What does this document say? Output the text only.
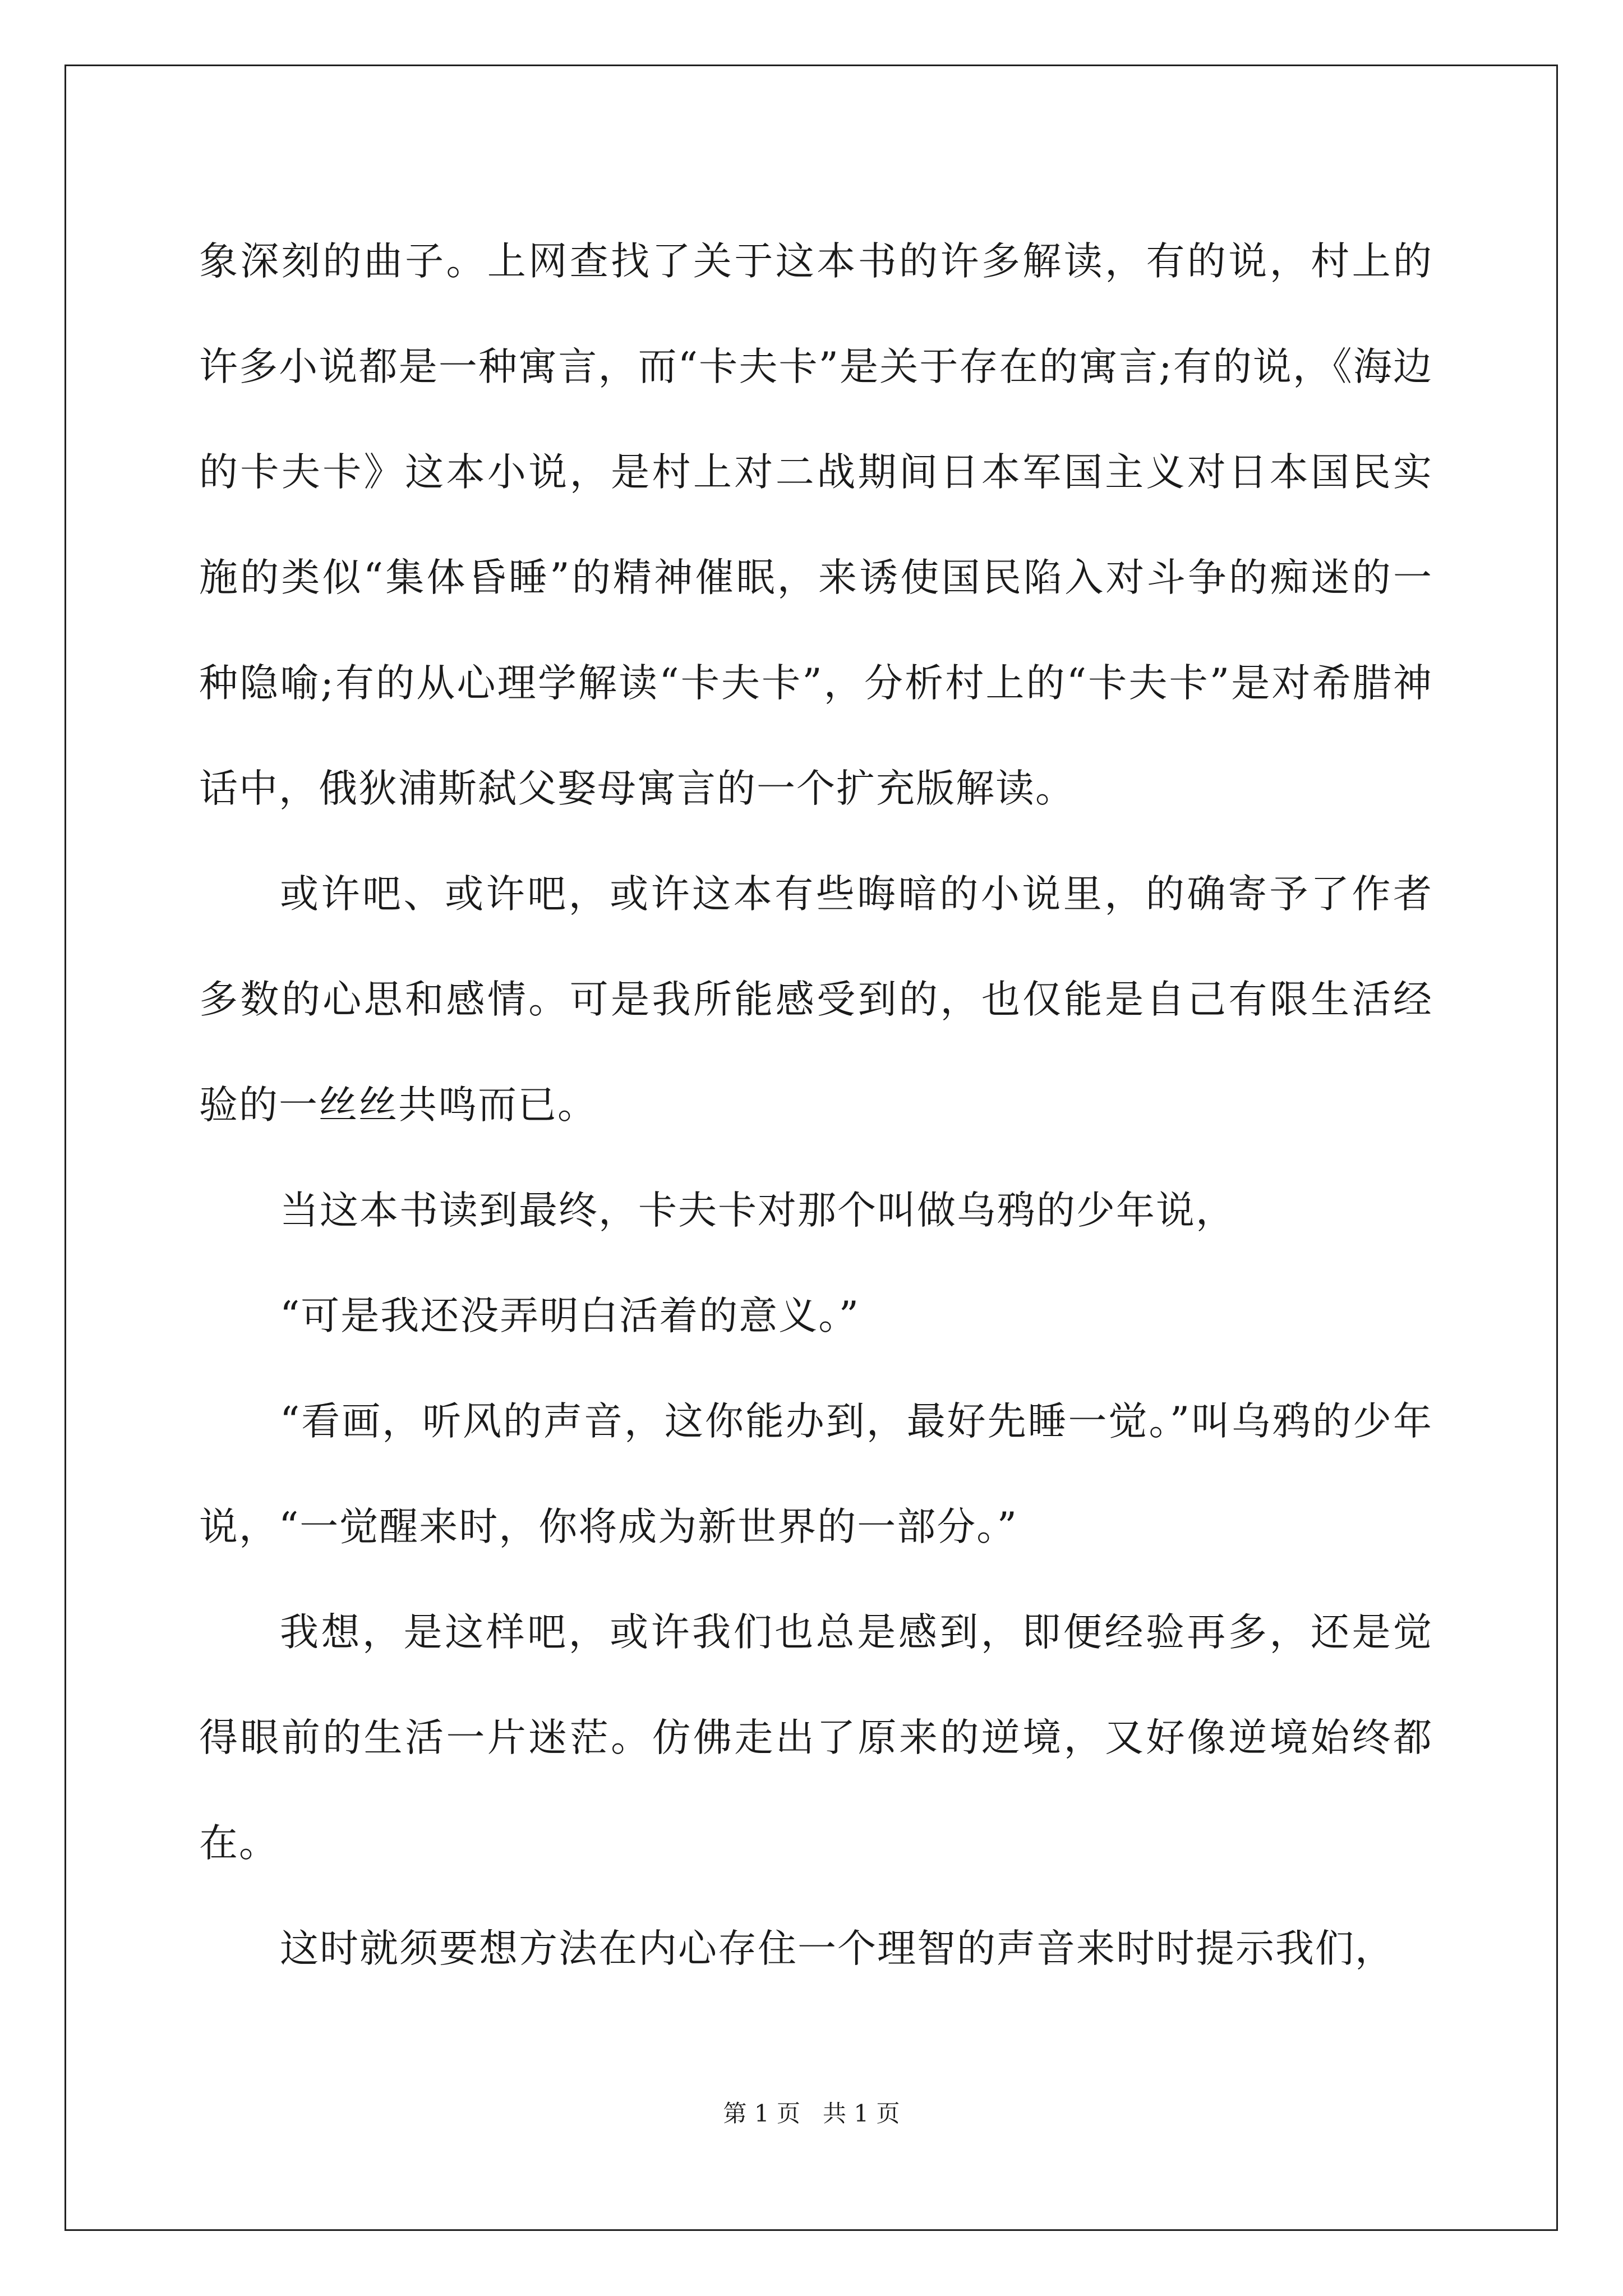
象深刻的曲子。上网查找了关于这本书的许多解读，有的说，村上的许多小说都是一种寓言，而“卡夫卡”是关于存在的寓言;有的说，《海边的卡夫卡》这本小说，是村上对二战期间日本军国主义对日本国民实施的类似“集体昏睡”的精神催眠，来诱使国民陷入对斗争的痴迷的一种隐喻;有的从心理学解读“卡夫卡”，分析村上的“卡夫卡”是对希腊神话中，俄狄浦斯弑父娶母寓言的一个扩充版解读。

或许吧、或许吧，或许这本有些晦暗的小说里，的确寄予了作者多数的心思和感情。可是我所能感受到的，也仅能是自己有限生活经验的一丝丝共鸣而已。

当这本书读到最终，卡夫卡对那个叫做乌鸦的少年说，

“可是我还没弄明白活着的意义。”

“看画，听风的声音，这你能办到，最好先睡一觉。”叫乌鸦的少年说，“一觉醒来时，你将成为新世界的一部分。”

我想，是这样吧，或许我们也总是感到，即便经验再多，还是觉得眼前的生活一片迷茫。仿佛走出了原来的逆境，又好像逆境始终都在。

这时就须要想方法在内心存住一个理智的声音来时时提示我们，

第 1 页   共 1 页
